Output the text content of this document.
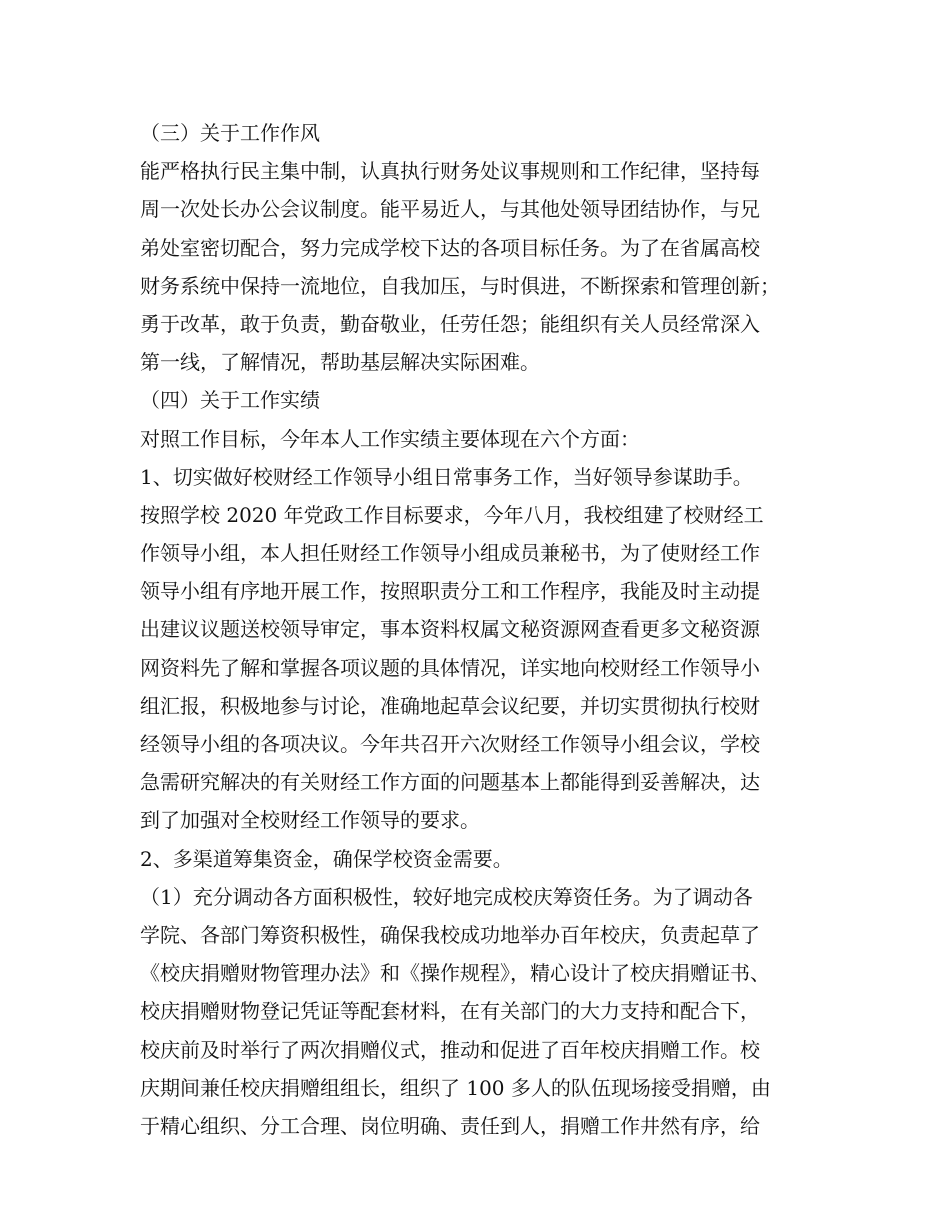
（三）关于工作作风
能严格执行民主集中制，认真执行财务处议事规则和工作纪律，坚持每
周一次处长办公会议制度。能平易近人，与其他处领导团结协作，与兄
弟处室密切配合，努力完成学校下达的各项目标任务。为了在省属高校
财务系统中保持一流地位，自我加压，与时俱进，不断探索和管理创新；
勇于改革，敢于负责，勤奋敬业，任劳任怨；能组织有关人员经常深入
第一线，了解情况，帮助基层解决实际困难。
（四）关于工作实绩
对照工作目标，今年本人工作实绩主要体现在六个方面：
1、切实做好校财经工作领导小组日常事务工作，当好领导参谋助手。
按照学校 2020 年党政工作目标要求，今年八月，我校组建了校财经工
作领导小组，本人担任财经工作领导小组成员兼秘书，为了使财经工作
领导小组有序地开展工作，按照职责分工和工作程序，我能及时主动提
出建议议题送校领导审定，事本资料权属文秘资源网查看更多文秘资源
网资料先了解和掌握各项议题的具体情况，详实地向校财经工作领导小
组汇报，积极地参与讨论，准确地起草会议纪要，并切实贯彻执行校财
经领导小组的各项决议。今年共召开六次财经工作领导小组会议，学校
急需研究解决的有关财经工作方面的问题基本上都能得到妥善解决，达
到了加强对全校财经工作领导的要求。
2、多渠道筹集资金，确保学校资金需要。
（1）充分调动各方面积极性，较好地完成校庆筹资任务。为了调动各
学院、各部门筹资积极性，确保我校成功地举办百年校庆，负责起草了
《校庆捐赠财物管理办法》和《操作规程》，精心设计了校庆捐赠证书、
校庆捐赠财物登记凭证等配套材料，在有关部门的大力支持和配合下，
校庆前及时举行了两次捐赠仪式，推动和促进了百年校庆捐赠工作。校
庆期间兼任校庆捐赠组组长，组织了 100 多人的队伍现场接受捐赠，由
于精心组织、分工合理、岗位明确、责任到人，捐赠工作井然有序，给
